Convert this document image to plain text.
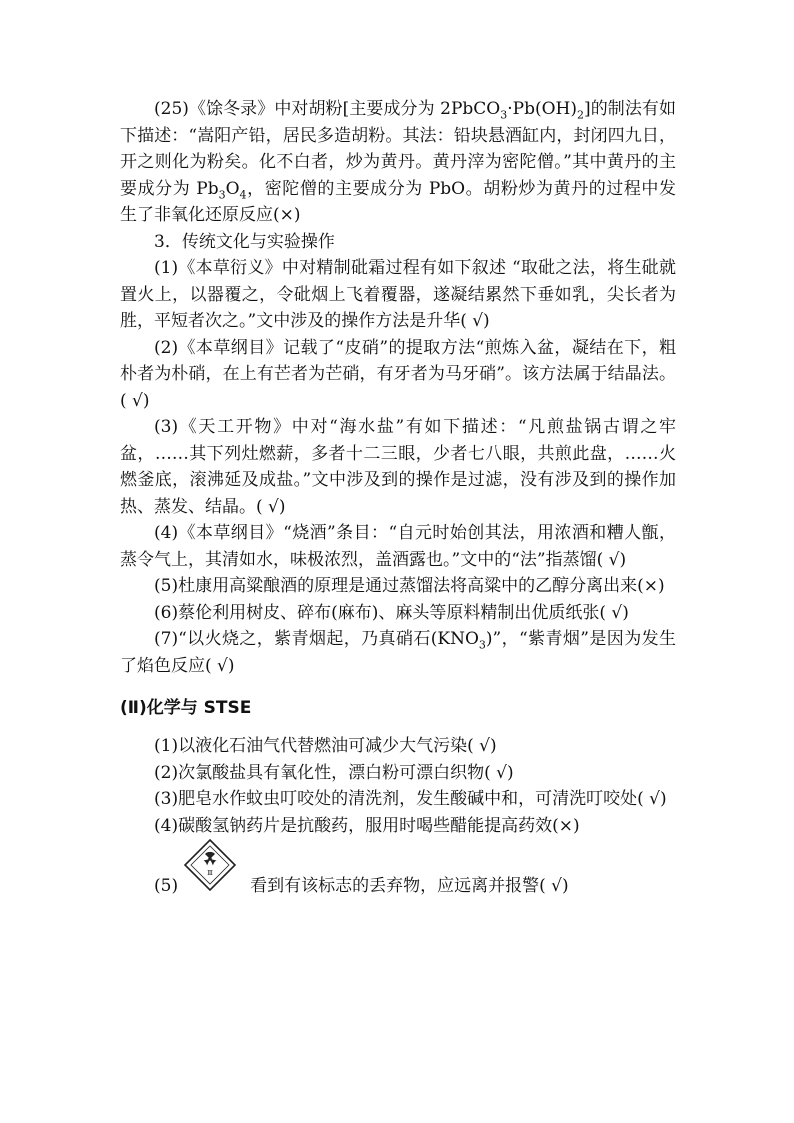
(25)《馀冬录》中对胡粉[主要成分为 $2PbCO_3\cdot Pb(OH)_2$]的制法有如下描述：“嵩阳产铅，居民多造胡粉。其法：铅块悬酒缸内，封闭四九日，开之则化为粉矣。化不白者，炒为黄丹。黄丹滓为密陀僧。”其中黄丹的主要成分为 $Pb_3O_4$，密陀僧的主要成分为 PbO。胡粉炒为黄丹的过程中发生了非氧化还原反应(×)

3．传统文化与实验操作

(1)《本草衍义》中对精制砒霜过程有如下叙述 “取砒之法，将生砒就置火上，以器覆之，令砒烟上飞着覆器，遂凝结累然下垂如乳，尖长者为胜，平短者次之。”文中涉及的操作方法是升华( √)

(2)《本草纲目》记载了“皮硝”的提取方法“煎炼入盆，凝结在下，粗朴者为朴硝，在上有芒者为芒硝，有牙者为马牙硝”。该方法属于结晶法。( √)

(3)《天工开物》中对“海水盐”有如下描述：“凡煎盐锅古谓之牢盆，……其下列灶燃薪，多者十二三眼，少者七八眼，共煎此盘，……火燃釜底，滚沸延及成盐。”文中涉及到的操作是过滤，没有涉及到的操作加热、蒸发、结晶。( √)

(4)《本草纲目》“烧酒”条目：“自元时始创其法，用浓酒和糟人甑，蒸令气上，其清如水，味极浓烈，盖酒露也。”文中的“法”指蒸馏( √)

(5)杜康用高粱酿酒的原理是通过蒸馏法将高粱中的乙醇分离出来(×)

(6)蔡伦利用树皮、碎布(麻布)、麻头等原料精制出优质纸张( √)

(7)“以火烧之，紫青烟起，乃真硝石$(KNO_3)$”，“紫青烟”是因为发生了焰色反应( √)

(Ⅱ)化学与 STSE

(1)以液化石油气代替燃油可减少大气污染( √)

(2)次氯酸盐具有氧化性，漂白粉可漂白织物( √)

(3)肥皂水作蚊虫叮咬处的清洗剂，发生酸碱中和，可清洗叮咬处( √)

(4)碳酸氢钠药片是抗酸药，服用时喝些醋能提高药效(×)

(5)
Ⅲ
看到有该标志的丢弃物，应远离并报警( √)
